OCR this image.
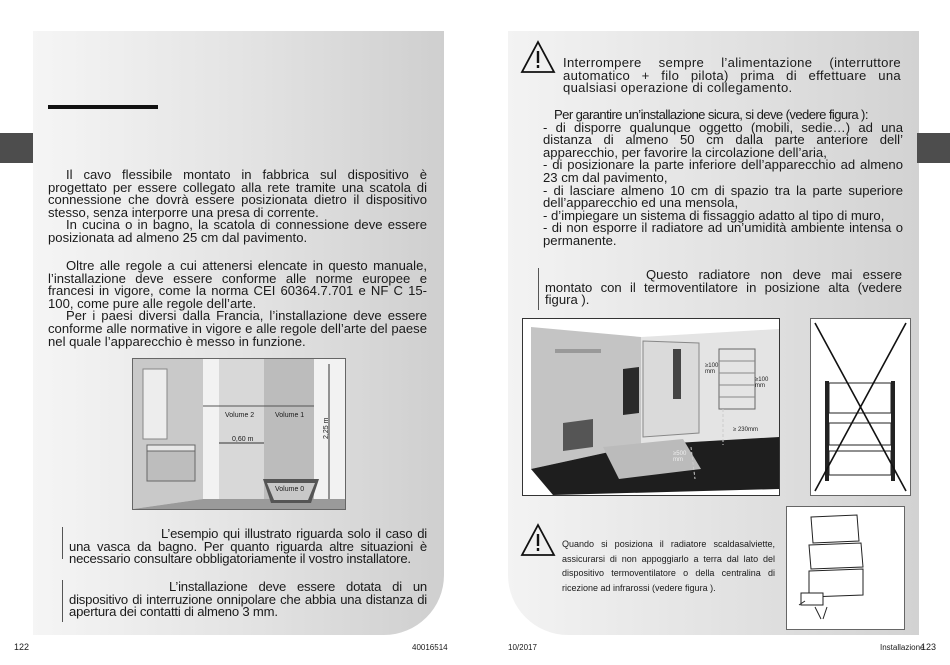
Il cavo flessibile montato in fabbrica sul dispositivo è progettato per essere collegato alla rete tramite una scatola di connessione che dovrà essere posizionata dietro il dispositivo stesso, senza interporre una presa di corrente.

In cucina o in bagno, la scatola di connessione deve essere posizionata ad almeno 25 cm dal pavimento.

Oltre alle regole a cui attenersi elencate in questo manuale, l’installazione deve essere conforme alle norme europee e francesi in vigore, come la norma CEI 60364.7.701 e NF C 15-100, come pure alle regole dell’arte.

Per i paesi diversi dalla Francia, l’installazione deve essere conforme alle normative in vigore e alle regole dell’arte del paese nel quale l’apparecchio è messo in funzione.

Volume 2	Volume 1
Volume 0
0,60 m
2,25 m

L’esempio qui illustrato riguarda solo il caso di una vasca da bagno. Per quanto riguarda altre situazioni è necessario consultare obbligatoriamente il vostro installatore.

L’installazione deve essere dotata di un dispositivo di interruzione onnipolare che abbia una distanza di apertura dei contatti di almeno 3 mm.

122	40016514

Interrompere sempre l’alimentazione (interruttore automatico + filo pilota) prima di effettuare una qualsiasi operazione di collegamento.

Per garantire un’installazione sicura, si deve (vedere figura ):

- di disporre qualunque oggetto (mobili, sedie…) ad una distanza di almeno 50 cm dalla parte anteriore dell’ apparecchio, per favorire la circolazione dell’aria,

- di posizionare la parte inferiore dell’apparecchio ad almeno 23 cm dal pavimento,

- di lasciare almeno 10 cm di spazio tra la parte superiore dell’apparecchio ed una mensola,

- d’impiegare un sistema di fissaggio adatto al tipo di muro,

- di non esporre il radiatore ad un’umidità ambiente intensa o permanente.

Questo radiatore non deve mai essere montato con il termoventilatore in posizione alta (vedere figura ).

≥100 mm
≥100 mm
≥ 230mm
≥500 mm
Quando si posiziona il radiatore scaldasalviette, assicurarsi di non appoggiarlo a terra dal lato del dispositivo termoventilatore o della centralina di ricezione ad infrarossi (vedere figura ).
10/2017	Installazione
123
